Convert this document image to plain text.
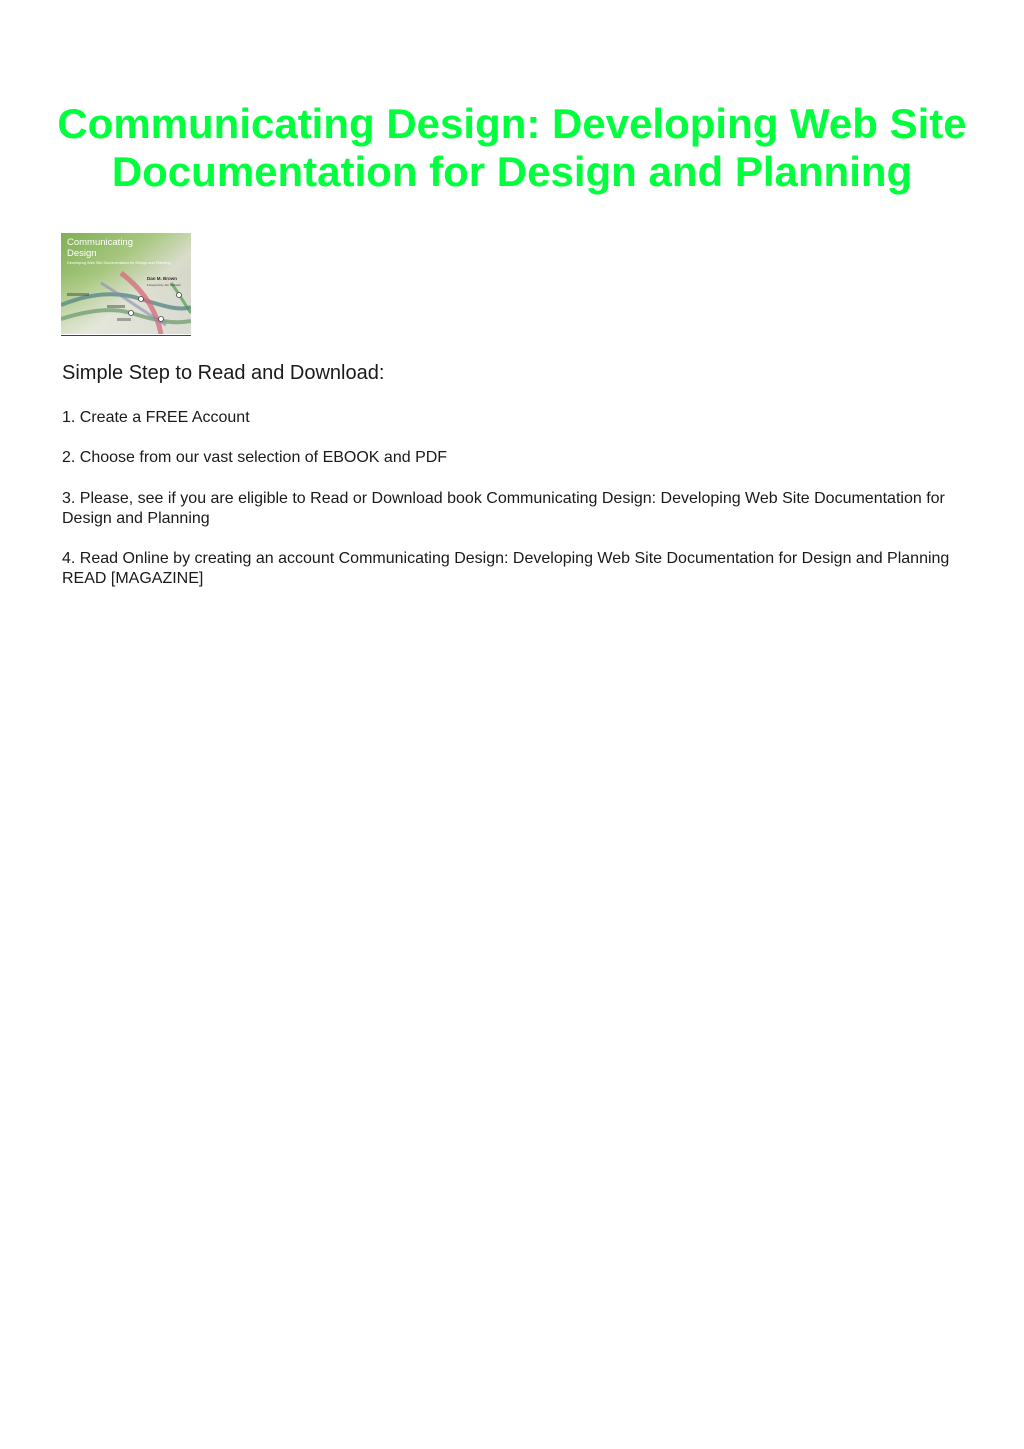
Communicating Design: Developing Web Site Documentation for Design and Planning
Communicating
Design
Developing Web Site Documentation for Design and Planning
Dan M. Brown
Foreword by Jim Kalbach
Simple Step to Read and Download:

1. Create a FREE Account

2. Choose from our vast selection of EBOOK and PDF

3. Please, see if you are eligible to Read or Download book Communicating Design: Developing Web Site Documentation for Design and Planning

4. Read Online by creating an account Communicating Design: Developing Web Site Documentation for Design and Planning READ [MAGAZINE]
